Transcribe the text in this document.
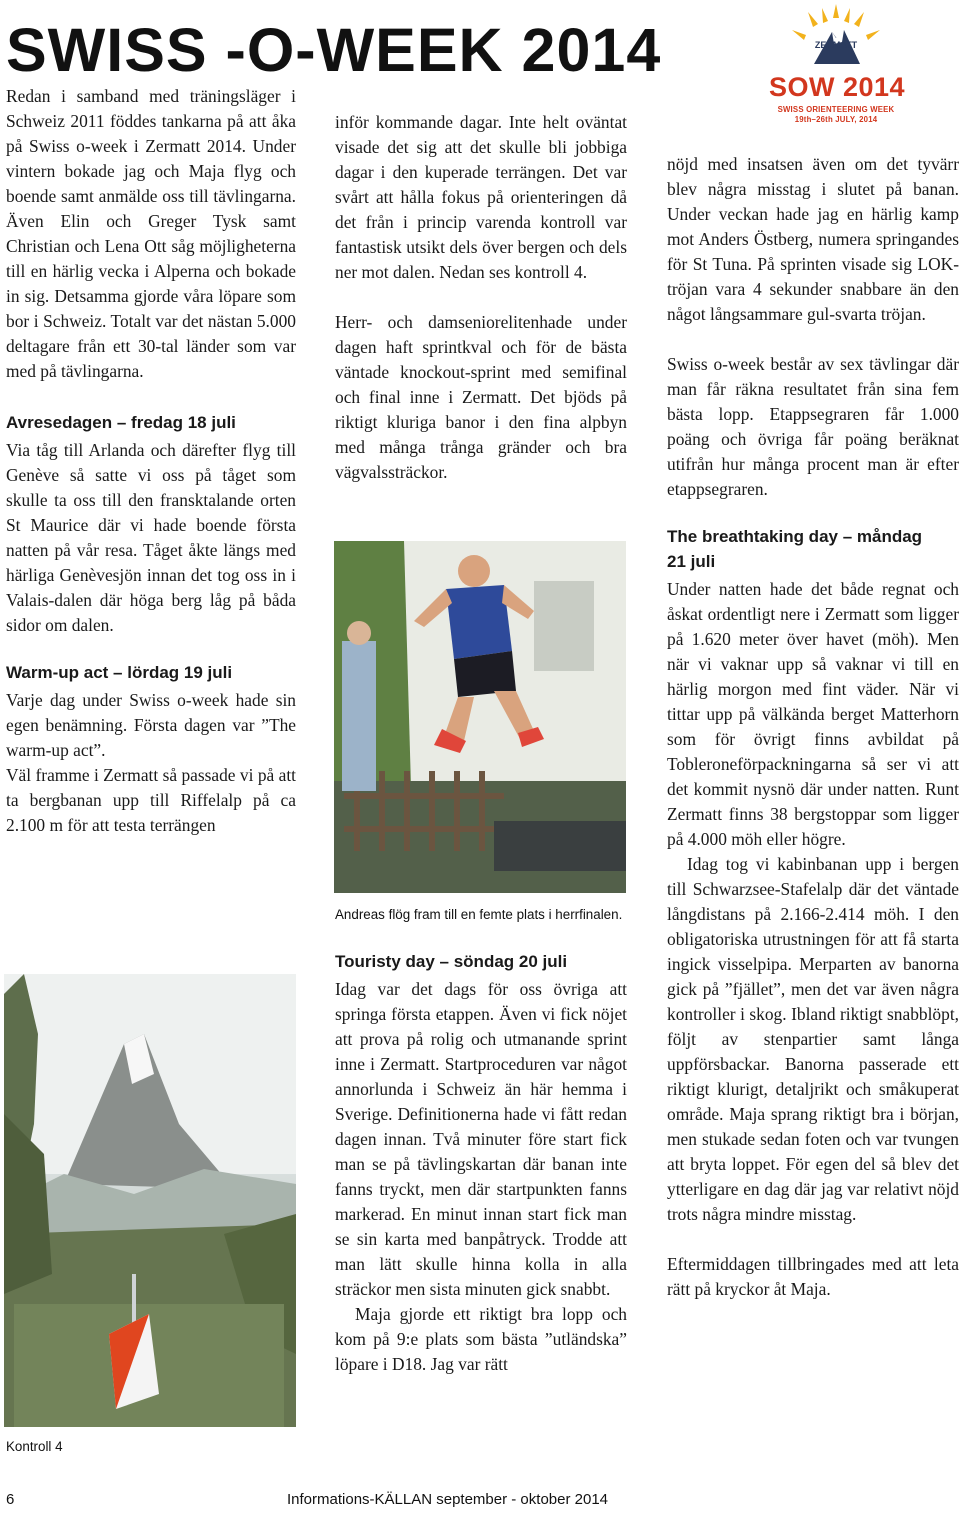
SWISS -O-WEEK 2014	ZERMATT
SOW 2014
SWISS ORIENTEERING WEEK
19th–26th JULY, 2014

Redan i samband med träningsläger i Schweiz 2011 föddes tankarna på att åka på Swiss o-week i Zermatt 2014. Under vintern bokade jag och Maja flyg och boende samt anmälde oss till tävlingarna. Även Elin och Greger Tysk samt Christian och Lena Ott såg möjligheterna till en härlig vecka i Alperna och bokade in sig. Detsamma gjorde våra löpare som bor i Schweiz. Totalt var det nästan 5.000 deltagare från ett 30-tal länder som var med på tävlingarna.

Avresedagen – fredag 18 juli

Via tåg till Arlanda och därefter flyg till Genève så satte vi oss på tåget som skulle ta oss till den fransktalande orten St Maurice där vi hade boende första natten på vår resa. Tåget åkte längs med härliga Genèvesjön innan det tog oss in i Valais-dalen där höga berg låg på båda sidor om dalen.

Warm-up act – lördag 19 juli

Varje dag under Swiss o-week hade sin egen benämning. Första dagen var ”The warm-up act”.

Väl framme i Zermatt så passade vi på att ta bergbanan upp till Riffelalp på ca 2.100 m för att testa terrängen

Kontroll 4

inför kommande dagar. Inte helt oväntat visade det sig att det skulle bli jobbiga dagar i den kuperade terrängen. Det var svårt att hålla fokus på orienteringen då det från i princip varenda kontroll var fantastisk utsikt dels över bergen och dels ner mot dalen. Nedan ses kontroll 4.

Herr- och damseniorelitenhade under dagen haft sprintkval och för de bästa väntade knockout-sprint med semifinal och final inne i Zermatt. Det bjöds på riktigt kluriga banor i den fina alpbyn med många trånga gränder och bra vägvalssträckor.

Andreas flög fram till en femte plats i herrfinalen.
Touristy day – söndag 20 juli

Idag var det dags för oss övriga att springa första etappen. Även vi fick nöjet att prova på rolig och utmanande sprint inne i Zermatt. Startproceduren var något annorlunda i Schweiz än här hemma i Sverige. Definitionerna hade vi fått redan dagen innan. Två minuter före start fick man se på tävlingskartan där banan inte fanns tryckt, men där startpunkten fanns markerad. En minut innan start fick man se sin karta med banpåtryck. Trodde att man lätt skulle hinna kolla in alla sträckor men sista minuten gick snabbt.

Maja gjorde ett riktigt bra lopp och kom på 9:e plats som bästa ”utländska” löpare i D18. Jag var rätt

nöjd med insatsen även om det tyvärr blev några misstag i slutet på banan. Under veckan hade jag en härlig kamp mot Anders Östberg, numera springandes för St Tuna. På sprinten visade sig LOK-tröjan vara 4 sekunder snabbare än den något långsammare gul-svarta tröjan.

Swiss o-week består av sex tävlingar där man får räkna resultatet från sina fem bästa lopp. Etappsegraren får 1.000 poäng och övriga får poäng beräknat utifrån hur många procent man är efter etappsegraren.

The breathtaking day – måndag 21 juli

Under natten hade det både regnat och åskat ordentligt nere i Zermatt som ligger på 1.620 meter över havet (möh). Men när vi vaknar upp så vaknar vi till en härlig morgon med fint väder. När vi tittar upp på välkända berget Matterhorn som för övrigt finns avbildat på Tobleroneförpackningarna så ser vi att det kommit nysnö där under natten. Runt Zermatt finns 38 bergstoppar som ligger på 4.000 möh eller högre.

Idag tog vi kabinbanan upp i bergen till Schwarzsee-Stafelalp där det väntade långdistans på 2.166-2.414 möh. I den obligatoriska utrustningen för att få starta ingick visselpipa. Merparten av banorna gick på ”fjället”, men det var även några kontroller i skog. Ibland riktigt snabblöpt, följt av stenpartier samt långa uppförsbackar. Banorna passerade ett riktigt klurigt, detaljrikt och småkuperat område. Maja sprang riktigt bra i början, men stukade sedan foten och var tvungen att bryta loppet. För egen del så blev det ytterligare en dag där jag var relativt nöjd trots några mindre misstag.

Eftermiddagen tillbringades med att leta rätt på kryckor åt Maja.

6	Informations-KÄLLAN september - oktober 2014
